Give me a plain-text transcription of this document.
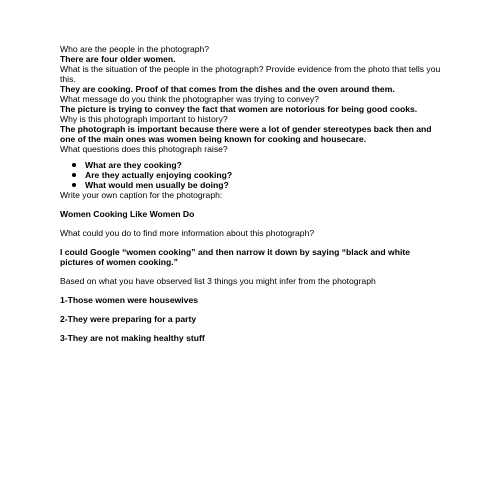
Who are the people in the photograph?

There are four older women.

What is the situation of the people in the photograph? Provide evidence from the photo that tells you this.

They are cooking. Proof of that comes from the dishes and the oven around them.

What message do you think the photographer was trying to convey?

The picture is trying to convey the fact that women are notorious for being good cooks.

Why is this photograph important to history?

The photograph is important because there were a lot of gender stereotypes back then and one of the main ones was women being known for cooking and housecare.

What questions does this photograph raise?

What are they cooking?
Are they actually enjoying cooking?
What would men usually be doing?

Write your own caption for the photograph:

Women Cooking Like Women Do

What could you do to find more information about this photograph?

I could Google “women cooking” and then narrow it down by saying “black and white pictures of women cooking.”

Based on what you have observed list 3 things you might infer from the photograph

1-Those women were housewives

2-They were preparing for a party

3-They are not making healthy stuff
